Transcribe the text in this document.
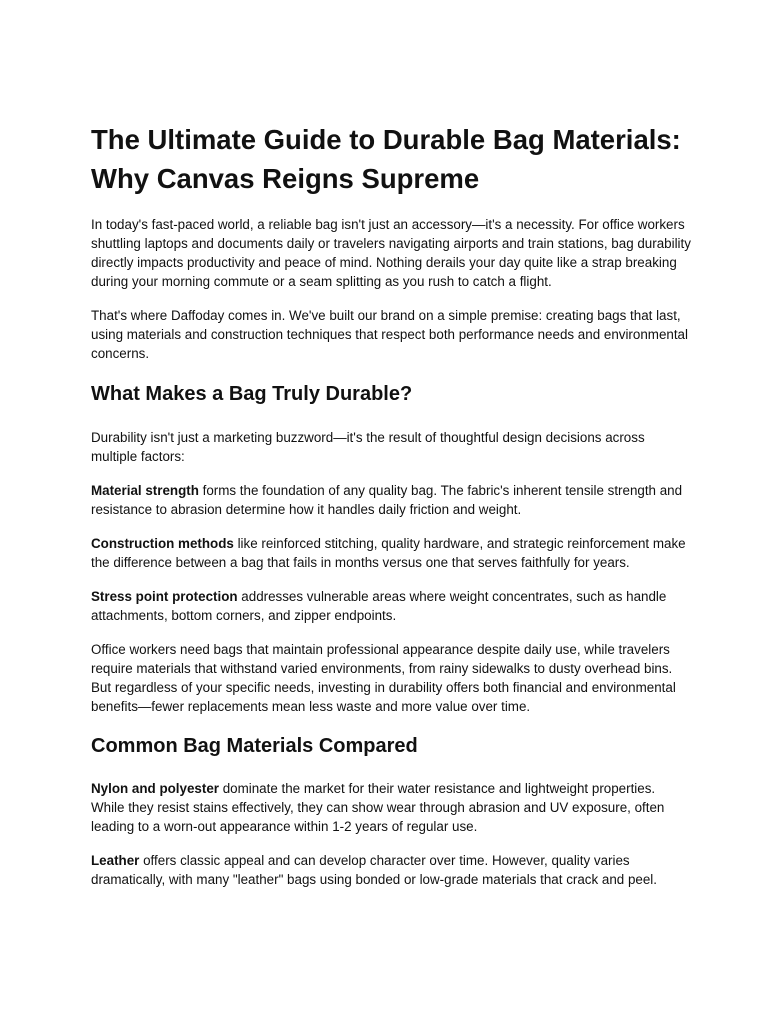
The Ultimate Guide to Durable Bag Materials: Why Canvas Reigns Supreme

In today's fast-paced world, a reliable bag isn't just an accessory—it's a necessity. For office workers shuttling laptops and documents daily or travelers navigating airports and train stations, bag durability directly impacts productivity and peace of mind. Nothing derails your day quite like a strap breaking during your morning commute or a seam splitting as you rush to catch a flight.

That's where Daffoday comes in. We've built our brand on a simple premise: creating bags that last, using materials and construction techniques that respect both performance needs and environmental concerns.

What Makes a Bag Truly Durable?

Durability isn't just a marketing buzzword—it's the result of thoughtful design decisions across multiple factors:

Material strength forms the foundation of any quality bag. The fabric's inherent tensile strength and resistance to abrasion determine how it handles daily friction and weight.

Construction methods like reinforced stitching, quality hardware, and strategic reinforcement make the difference between a bag that fails in months versus one that serves faithfully for years.

Stress point protection addresses vulnerable areas where weight concentrates, such as handle attachments, bottom corners, and zipper endpoints.

Office workers need bags that maintain professional appearance despite daily use, while travelers require materials that withstand varied environments, from rainy sidewalks to dusty overhead bins. But regardless of your specific needs, investing in durability offers both financial and environmental benefits—fewer replacements mean less waste and more value over time.

Common Bag Materials Compared

Nylon and polyester dominate the market for their water resistance and lightweight properties. While they resist stains effectively, they can show wear through abrasion and UV exposure, often leading to a worn-out appearance within 1-2 years of regular use.

Leather offers classic appeal and can develop character over time. However, quality varies dramatically, with many "leather" bags using bonded or low-grade materials that crack and peel.
